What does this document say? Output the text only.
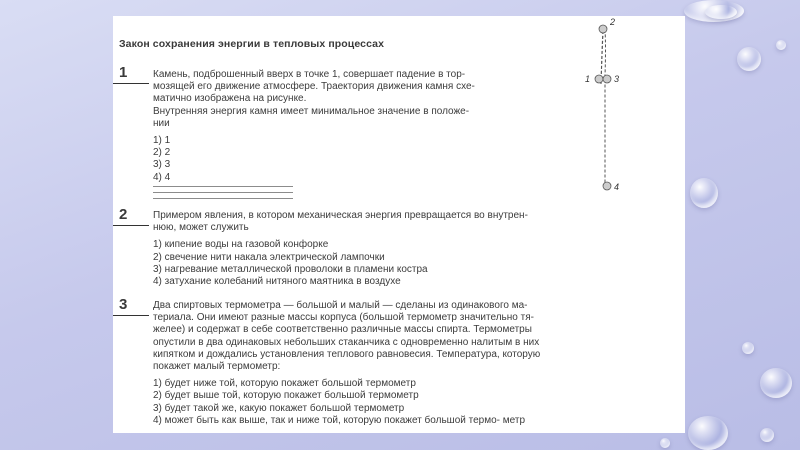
Закон сохранения энергии в тепловых процессах
1	Камень, подброшенный вверх в точке 1, совершает падение в тор-
мозящей его движение атмосфере. Траектория движения камня схе-
матично изображена на рисунке.
Внутренняя энергия камня имеет минимальное значение в положе-
нии
1) 1
2) 2
3) 3
4) 4
1
2
3
4
2	Примером явления, в котором механическая энергия превращается во внутрен-
нюю, может служить
1) кипение воды на газовой конфорке
2) свечение нити накала электрической лампочки
3) нагревание металлической проволоки в пламени костра
4) затухание колебаний нитяного маятника в воздухе
3	Два спиртовых термометра — большой и малый — сделаны из одинакового ма-
териала. Они имеют разные массы корпуса (большой термометр значительно тя-
желее) и содержат в себе соответственно различные массы спирта. Термометры
опустили в два одинаковых небольших стаканчика с одновременно налитым в них
кипятком и дождались установления теплового равновесия. Температура, которую
покажет малый термометр:
1) будет ниже той, которую покажет большой термометр
2) будет выше той, которую покажет большой термометр
3) будет такой же, какую покажет большой термометр
4) может быть как выше, так и ниже той, которую покажет большой термо- метр
